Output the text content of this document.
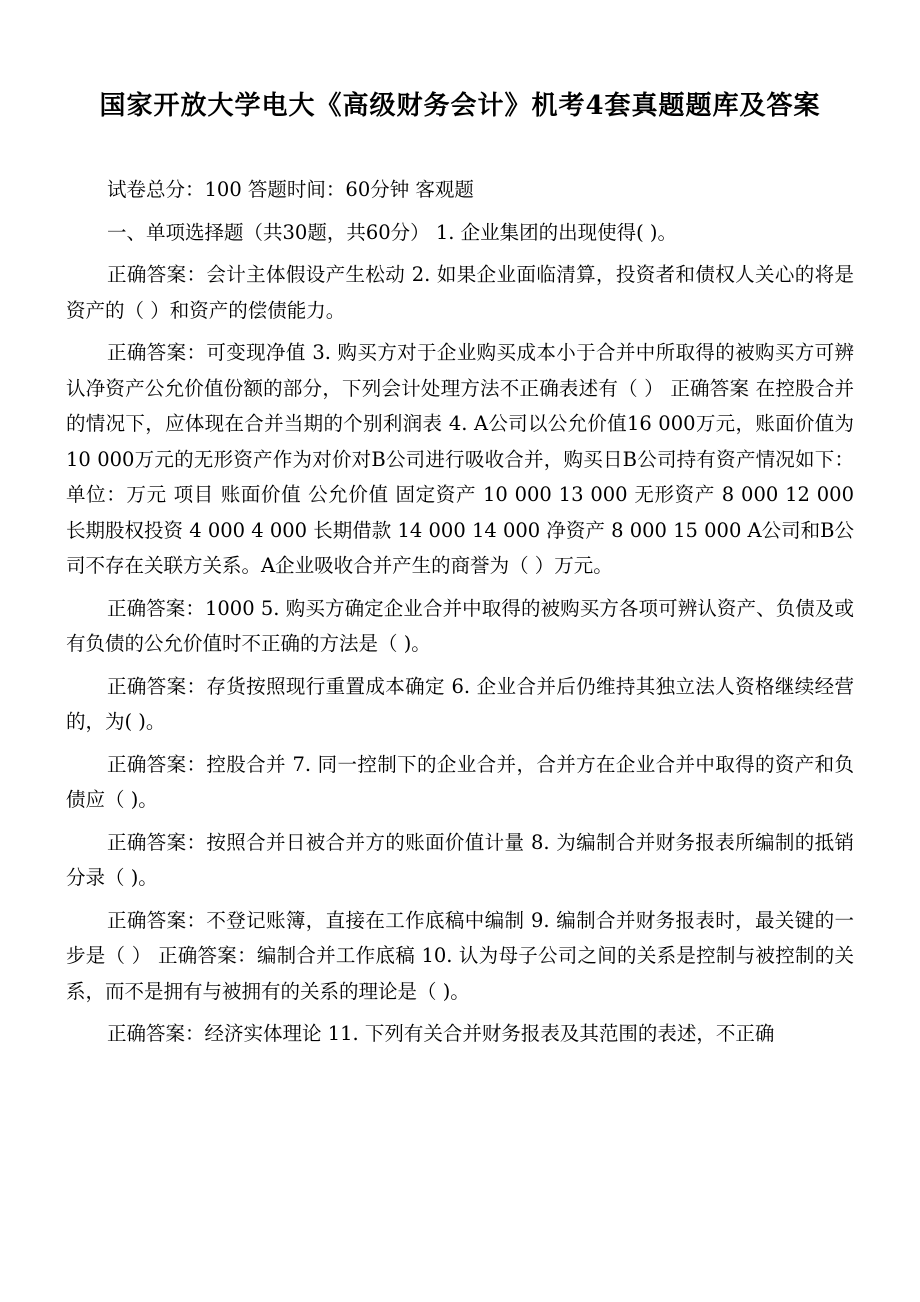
国家开放大学电大《高级财务会计》机考4套真题题库及答案

试卷总分：100 答题时间：60分钟 客观题

一、单项选择题（共30题，共60分） 1. 企业集团的出现使得( )。

正确答案：会计主体假设产生松动 2. 如果企业面临清算，投资者和债权人关心的将是资产的（ ）和资产的偿债能力。

正确答案：可变现净值 3. 购买方对于企业购买成本小于合并中所取得的被购买方可辨认净资产公允价值份额的部分，下列会计处理方法不正确表述有（ ） 正确答案 在控股合并的情况下，应体现在合并当期的个别利润表 4. A公司以公允价值16 000万元，账面价值为10 000万元的无形资产作为对价对B公司进行吸收合并，购买日B公司持有资产情况如下： 单位：万元 项目 账面价值 公允价值 固定资产 10 000 13 000 无形资产 8 000 12 000 长期股权投资 4 000 4 000 长期借款 14 000 14 000 净资产 8 000 15 000 A公司和B公司不存在关联方关系。A企业吸收合并产生的商誉为（ ）万元。

正确答案：1000 5. 购买方确定企业合并中取得的被购买方各项可辨认资产、负债及或有负债的公允价值时不正确的方法是（ )。

正确答案：存货按照现行重置成本确定 6. 企业合并后仍维持其独立法人资格继续经营的，为( )。

正确答案：控股合并 7. 同一控制下的企业合并，合并方在企业合并中取得的资产和负债应（ )。

正确答案：按照合并日被合并方的账面价值计量 8. 为编制合并财务报表所编制的抵销分录（ )。

正确答案：不登记账簿，直接在工作底稿中编制 9. 编制合并财务报表时，最关键的一步是（ ） 正确答案：编制合并工作底稿 10. 认为母子公司之间的关系是控制与被控制的关系，而不是拥有与被拥有的关系的理论是（ )。

正确答案：经济实体理论 11. 下列有关合并财务报表及其范围的表述，不正确
